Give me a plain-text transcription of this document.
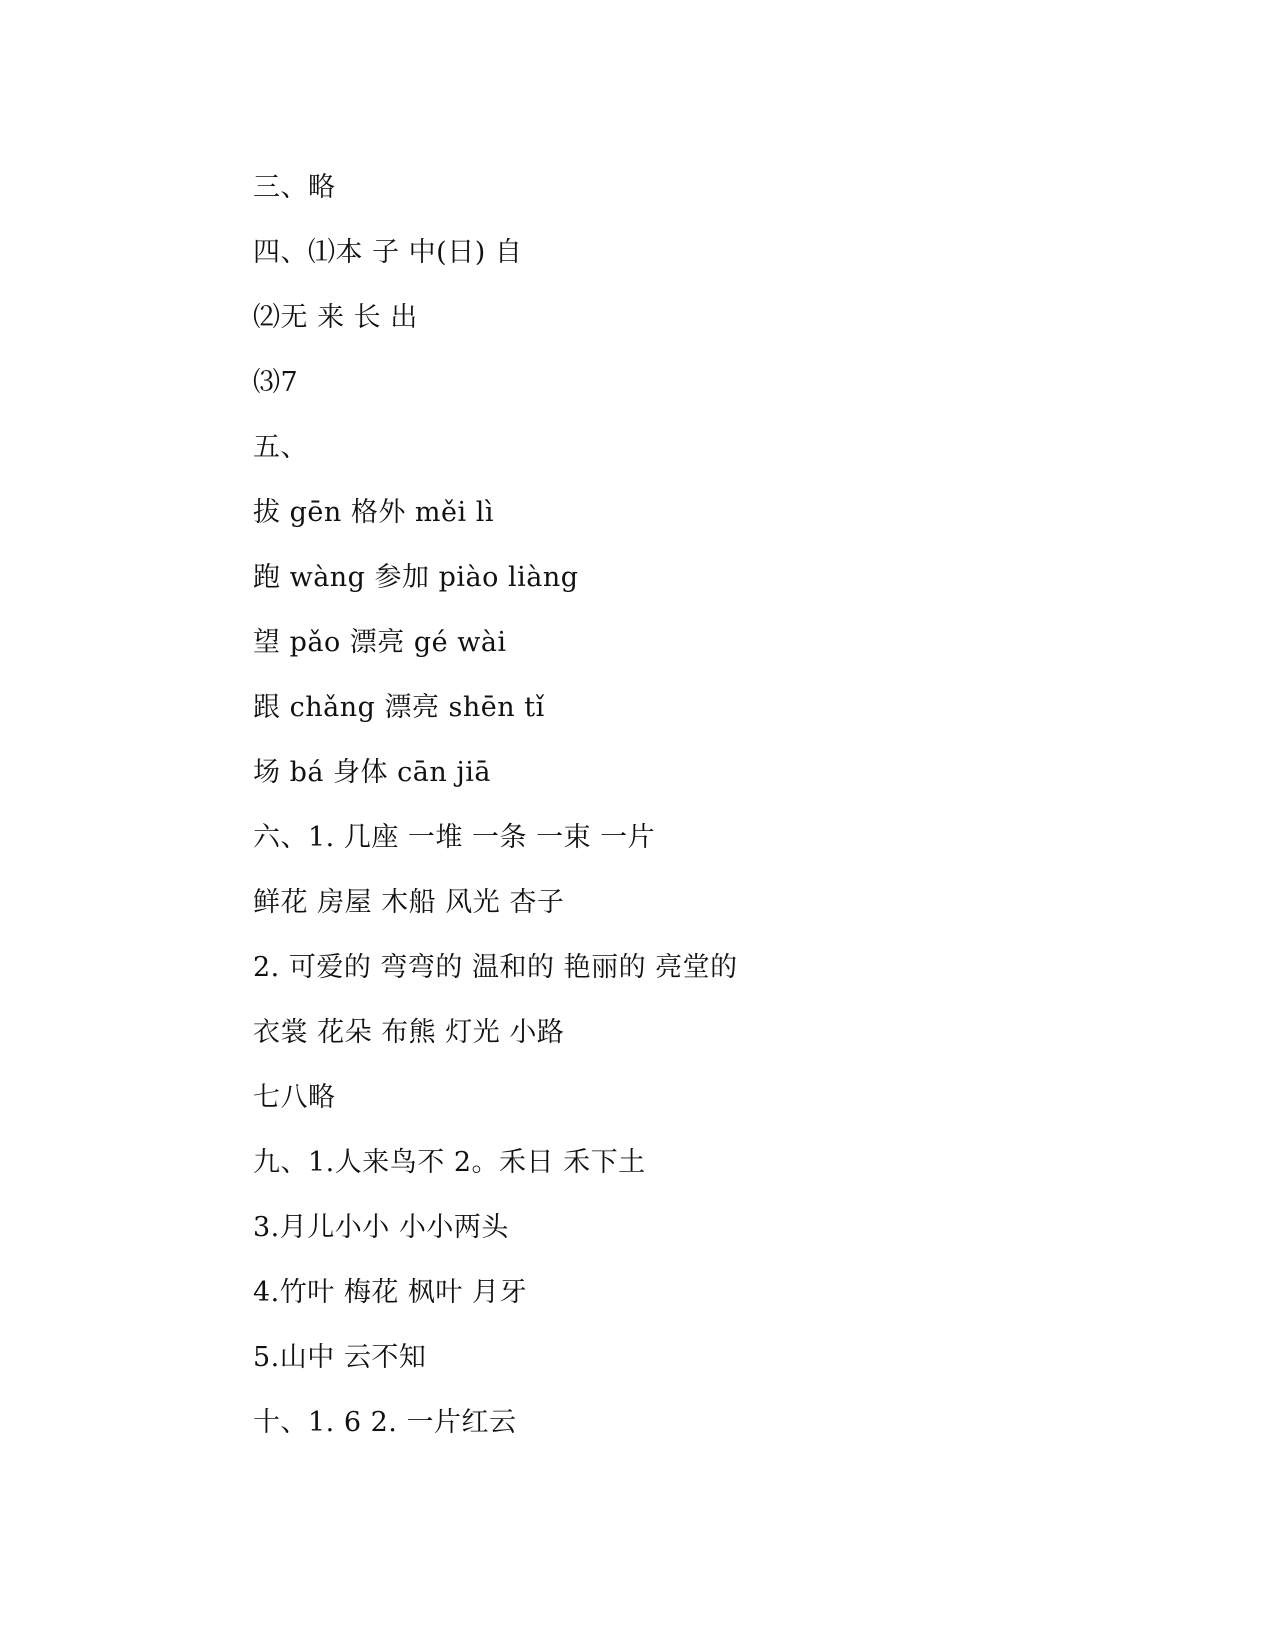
三、略
四、⑴本 子 中(日) 自
⑵无 来 长 出
⑶7
五、
拔 gēn 格外 měi lì
跑 wàng 参加 piào liàng
望 pǎo 漂亮 gé wài
跟 chǎng 漂亮 shēn tǐ
场 bá 身体 cān jiā
六、1. 几座 一堆 一条 一束 一片
鲜花 房屋 木船 风光 杏子
2. 可爱的 弯弯的 温和的 艳丽的 亮堂的
衣裳 花朵 布熊 灯光 小路
七八略
九、1.人来鸟不 2。禾日 禾下土
3.月儿小小 小小两头
4.竹叶 梅花 枫叶 月牙
5.山中 云不知
十、1. 6 2. 一片红云
